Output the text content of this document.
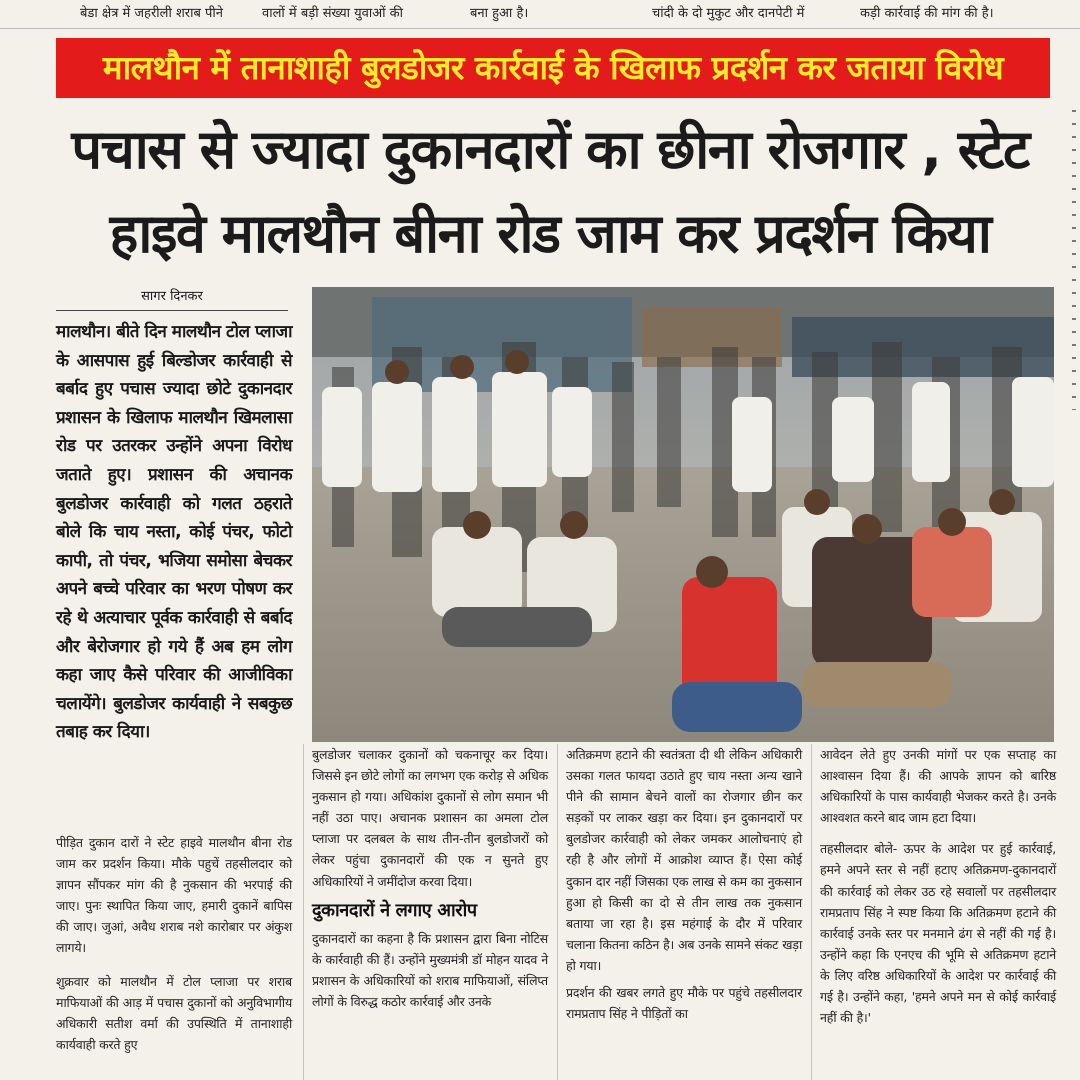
बेडा क्षेत्र में जहरीली शराब पीने	वालों में बड़ी संख्या युवाओं की	बना हुआ है।	चांदी के दो मुकुट और दानपेटी में	कड़ी कार्रवाई की मांग की है।
मालथौन में तानाशाही बुलडोजर कार्रवाई के खिलाफ प्रदर्शन कर जताया विरोध
पचास से ज्यादा दुकानदारों का छीना रोजगार , स्टेट
हाइवे मालथौन बीना रोड जाम कर प्रदर्शन किया
सागर दिनकर

मालथौन। बीते दिन मालथौन टोल प्लाजा के आसपास हुई बिल्डोजर कार्रवाही से बर्बाद हुए पचास ज्यादा छोटे दुकानदार प्रशासन के खिलाफ मालथौन खिमलासा रोड पर उतरकर उन्होंने अपना विरोध जताते हुए। प्रशासन की अचानक बुलडोजर कार्रवाही को गलत ठहराते बोले कि चाय नस्ता, कोई पंचर, फोटो कापी, तो पंचर, भजिया समोसा बेचकर अपने बच्चे परिवार का भरण पोषण कर रहे थे अत्याचार पूर्वक कार्रवाही से बर्बाद और बेरोजगार हो गये हैं अब हम लोग कहा जाए कैसे परिवार की आजीविका चलायेंगे। बुलडोजर कार्यवाही ने सबकुछ तबाह कर दिया।

पीड़ित दुकान दारों ने स्टेट हाइवे मालथौन बीना रोड जाम कर प्रदर्शन किया। मौके पहुचें तहसीलदार को ज्ञापन सौंपकर मांग की है नुकसान की भरपाई की जाए। पुनः स्थापित किया जाए, हमारी दुकानें बापिस की जाए। जुआं, अवैध शराब नशे कारोबार पर अंकुश लागये।

शुक्रवार को मालथौन में टोल प्लाजा पर शराब माफियाओं की आड़ में पचास दुकानों को अनुविभागीय अधिकारी सतीश वर्मा की उपस्थिति में तानाशाही कार्यवाही करते हुए

बुलडोजर चलाकर दुकानों को चकनाचूर कर दिया। जिससे इन छोटे लोगों का लगभग एक करोड़ से अधिक नुकसान हो गया। अधिकांश दुकानों से लोग समान भी नहीं उठा पाए। अचानक प्रशासन का अमला टोल प्लाजा पर दलबल के साथ तीन-तीन बुलडोजरों को लेकर पहुंचा दुकानदारों की एक न सुनते हुए अधिकारियों ने जमींदोज करवा दिया।

दुकानदारों ने लगाए आरोप

दुकानदारों का कहना है कि प्रशासन द्वारा बिना नोटिस के कार्रवाही की हैं। उन्होंने मुख्यमंत्री डॉ मोहन यादव ने प्रशासन के अधिकारियों को शराब माफियाओं, संलिप्त लोगों के विरुद्ध कठोर कार्रवाई और उनके

अतिक्रमण हटाने की स्वतंत्रता दी थी लेकिन अधिकारी उसका गलत फायदा उठाते हुए चाय नस्ता अन्य खाने पीने की सामान बेचने वालों का रोजगार छीन कर सड़कों पर लाकर खड़ा कर दिया। इन दुकानदारों पर बुलडोजर कार्रवाही को लेकर जमकर आलोचनाएं हो रही है और लोगों में आक्रोश व्याप्त हैं। ऐसा कोई दुकान दार नहीं जिसका एक लाख से कम का नुकसान हुआ हो किसी का दो से तीन लाख तक नुकसान बताया जा रहा है। इस महंगाई के दौर में परिवार चलाना कितना कठिन है। अब उनके सामने संकट खड़ा हो गया।

प्रदर्शन की खबर लगते हुए मौके पर पहुंचे तहसीलदार रामप्रताप सिंह ने पीड़ितों का

आवेदन लेते हुए उनकी मांगों पर एक सप्ताह का आश्वासन दिया हैं। की आपके ज्ञापन को बारिष्ठ अधिकारियों के पास कार्यवाही भेजकर करते है। उनके आश्वशत करने बाद जाम हटा दिया।

तहसीलदार बोले- ऊपर के आदेश पर हुई कार्रवाई, हमने अपने स्तर से नहीं हटाए अतिक्रमण-दुकानदारों की कार्रवाई को लेकर उठ रहे सवालों पर तहसीलदार रामप्रताप सिंह ने स्पष्ट किया कि अतिक्रमण हटाने की कार्रवाई उनके स्तर पर मनमाने ढंग से नहीं की गई है। उन्होंने कहा कि एनएच की भूमि से अतिक्रमण हटाने के लिए वरिष्ठ अधिकारियों के आदेश पर कार्रवाई की गई है। उन्होंने कहा, 'हमने अपने मन से कोई कार्रवाई नहीं की है।'
